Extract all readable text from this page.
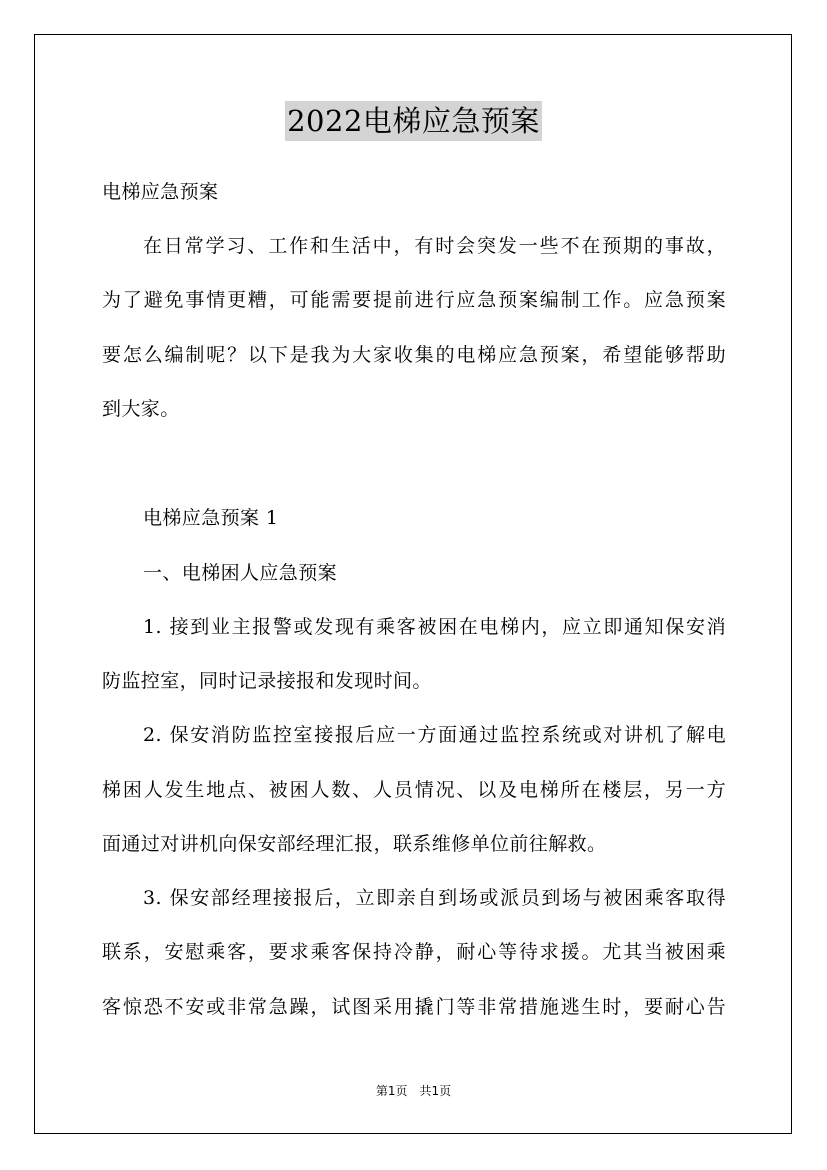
2022电梯应急预案
电梯应急预案
在日常学习、工作和生活中，有时会突发一些不在预期的事故，
为了避免事情更糟，可能需要提前进行应急预案编制工作。应急预案
要怎么编制呢？以下是我为大家收集的电梯应急预案，希望能够帮助
到大家。
电梯应急预案 1
一、电梯困人应急预案
1. 接到业主报警或发现有乘客被困在电梯内，应立即通知保安消
防监控室，同时记录接报和发现时间。
2. 保安消防监控室接报后应一方面通过监控系统或对讲机了解电
梯困人发生地点、被困人数、人员情况、以及电梯所在楼层，另一方
面通过对讲机向保安部经理汇报，联系维修单位前往解救。
3. 保安部经理接报后，立即亲自到场或派员到场与被困乘客取得
联系，安慰乘客，要求乘客保持冷静，耐心等待求援。尤其当被困乘
客惊恐不安或非常急躁，试图采用撬门等非常措施逃生时，要耐心告
第1页　共1页
